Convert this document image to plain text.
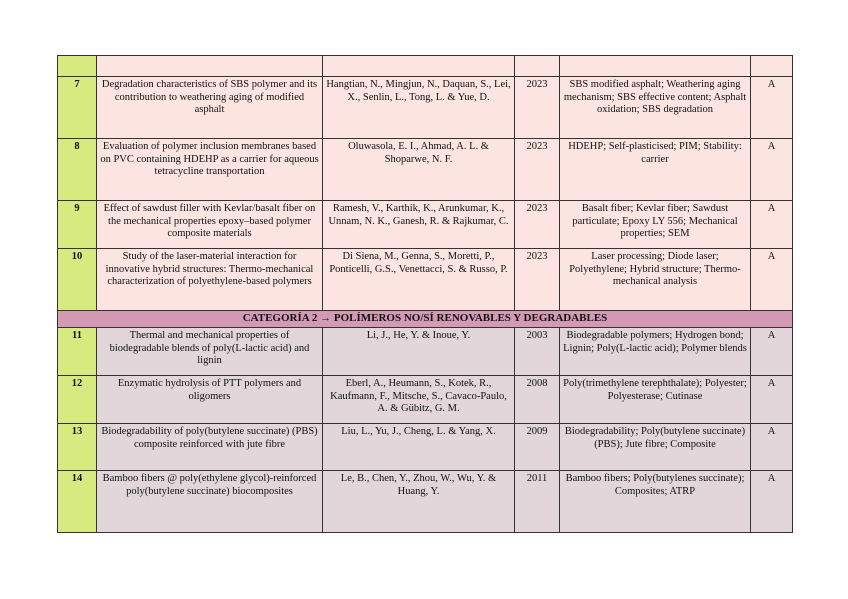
7	Degradation characteristics of SBS polymer and its contribution to weathering aging of modified asphalt	Hangtian, N., Mingjun, N., Daquan, S., Lei, X., Senlin, L., Tong, L. & Yue, D.	2023	SBS modified asphalt; Weathering aging mechanism; SBS effective content; Asphalt oxidation; SBS degradation	A
8	Evaluation of polymer inclusion membranes based on PVC containing HDEHP as a carrier for aqueous tetracycline transportation	Oluwasola, E. I., Ahmad, A. L. & Shoparwe, N. F.	2023	HDEHP; Self-plasticised; PIM; Stability: carrier	A
9	Effect of sawdust filler with Kevlar/basalt fiber on the mechanical properties epoxy–based polymer composite materials	Ramesh, V., Karthik, K., Arunkumar, K., Unnam, N. K., Ganesh, R. & Rajkumar, C.	2023	Basalt fiber; Kevlar fiber; Sawdust particulate; Epoxy LY 556; Mechanical properties; SEM	A
10	Study of the laser-material interaction for innovative hybrid structures: Thermo-mechanical characterization of polyethylene-based polymers	Di Siena, M., Genna, S., Moretti, P., Ponticelli, G.S., Venettacci, S. & Russo, P.	2023	Laser processing; Diode laser; Polyethylene; Hybrid structure; Thermo-mechanical analysis	A
CATEGORÍA 2 → POLÍMEROS NO/SÍ RENOVABLES Y DEGRADABLES					
11	Thermal and mechanical properties of biodegradable blends of poly(L-lactic acid) and lignin	Li, J., He, Y. & Inoue, Y.	2003	Biodegradable polymers; Hydrogen bond; Lignin; Poly(L-lactic acid); Polymer blends	A
12	Enzymatic hydrolysis of PTT polymers and oligomers	Eberl, A., Heumann, S., Kotek, R., Kaufmann, F., Mitsche, S., Cavaco-Paulo, A. & Gübitz, G. M.	2008	Poly(trimethylene terephthalate); Polyester; Polyesterase; Cutinase	A
13	Biodegradability of poly(butylene succinate) (PBS) composite reinforced with jute fibre	Liu, L., Yu, J., Cheng, L. & Yang, X.	2009	Biodegradability; Poly(butylene succinate) (PBS); Jute fibre; Composite	A
14	Bamboo fibers @ poly(ethylene glycol)-reinforced poly(butylene succinate) biocomposites	Le, B., Chen, Y., Zhou, W., Wu, Y. & Huang, Y.	2011	Bamboo fibers; Poly(butylenes succinate); Composites; ATRP	A
